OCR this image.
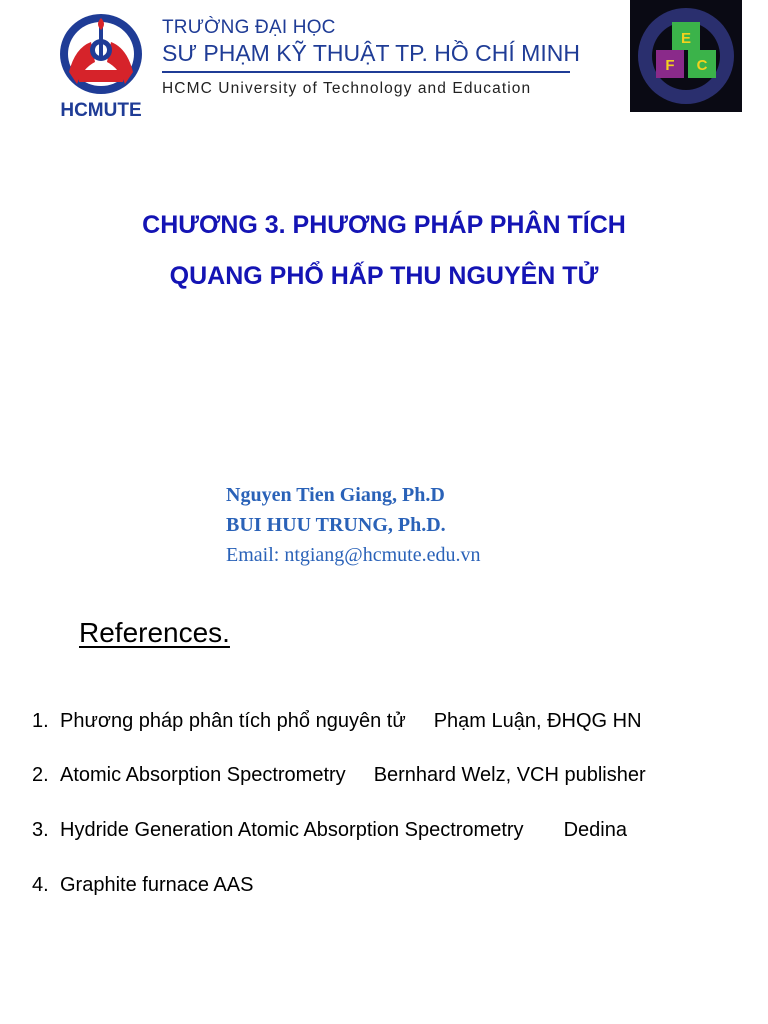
HCMUTE
TRƯỜNG ĐẠI HỌC
SƯ PHẠM KỸ THUẬT TP. HỒ CHÍ MINH
HCMC University of Technology and Education
E
F C
CHƯƠNG 3. PHƯƠNG PHÁP PHÂN TÍCH
QUANG PHỔ HẤP THU NGUYÊN TỬ
Nguyen Tien Giang, Ph.D
BUI HUU TRUNG, Ph.D.
Email: ntgiang@hcmute.edu.vn
References.
1. Phương pháp phân tích phổ nguyên tử Phạm Luận, ĐHQG HN
2. Atomic Absorption Spectrometry Bernhard Welz, VCH publisher
3. Hydride Generation Atomic Absorption Spectrometry Dedina
4. Graphite furnace AAS
